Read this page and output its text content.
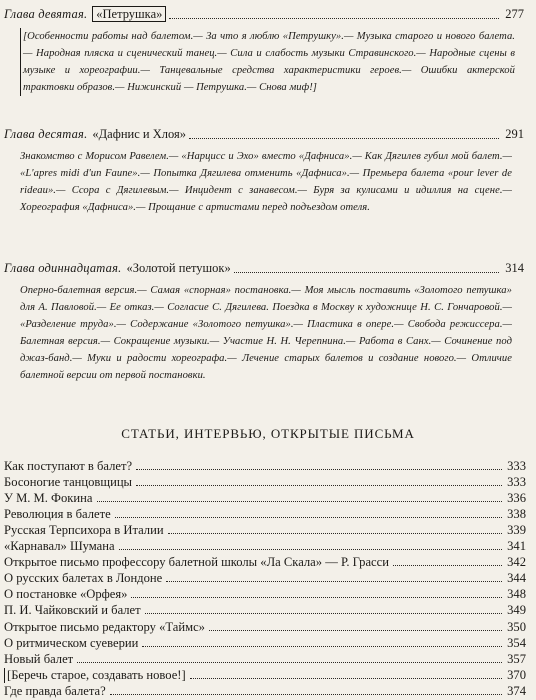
Глава девятая. «Петрушка»	277
[Особенности работы над балетом.— За что я люблю «Петрушку».— Музыка старого и нового балета.— Народная пляска и сценический танец.— Сила и слабость музыки Стравинского.— Народные сцены в музыке и хореографии.— Танцевальные средства характеристики героев.— Ошибки актерской трактовки образов.— Нижинский — Петрушка.— Снова миф!]
Глава десятая. «Дафнис и Хлоя»	291
Знакомство с Морисом Равелем.— «Нарцисс и Эхо» вместо «Дафниса».— Как Дягилев губил мой балет.— «L'apres midi d'un Faune».— Попытка Дягилева отменить «Дафниса».— Премьера балета «pour lever de rideau».— Ссора с Дягилевым.— Инцидент с занавесом.— Буря за кулисами и идиллия на сцене.— Хореография «Дафниса».— Прощание с артистами перед подъездом отеля.
Глава одиннадцатая. «Золотой петушок»	314
Оперно-балетная версия.— Самая «спорная» постановка.— Моя мысль поставить «Золотого петушка» для А. Павловой.— Ее отказ.— Согласие С. Дягилева. Поездка в Москву к художнице Н. С. Гончаровой.— «Разделение труда».— Содержание «Золотого петушка».— Пластика в опере.— Свобода режиссера.— Балетная версия.— Сокращение музыки.— Участие Н. Н. Черепнина.— Работа в Санх.— Сочинение под джаз-банд.— Муки и радости хореографа.— Лечение старых балетов и создание нового.— Отличие балетной версии от первой постановки.
СТАТЬИ, ИНТЕРВЬЮ, ОТКРЫТЫЕ ПИСЬМА
Как поступают в балет?	333
Босоногие танцовщицы	333
У М. М. Фокина	336
Революция в балете	338
Русская Терпсихора в Италии	339
«Карнавал» Шумана	341
Открытое письмо профессору балетной школы «Ла Скала» — Р. Грасси	342
О русских балетах в Лондоне	344
О постановке «Орфея»	348
П. И. Чайковский и балет	349
Открытое письмо редактору «Таймс»	350
О ритмическом суеверии	354
Новый балет	357
[Беречь старое, создавать новое!]	370
Где правда балета?	374
